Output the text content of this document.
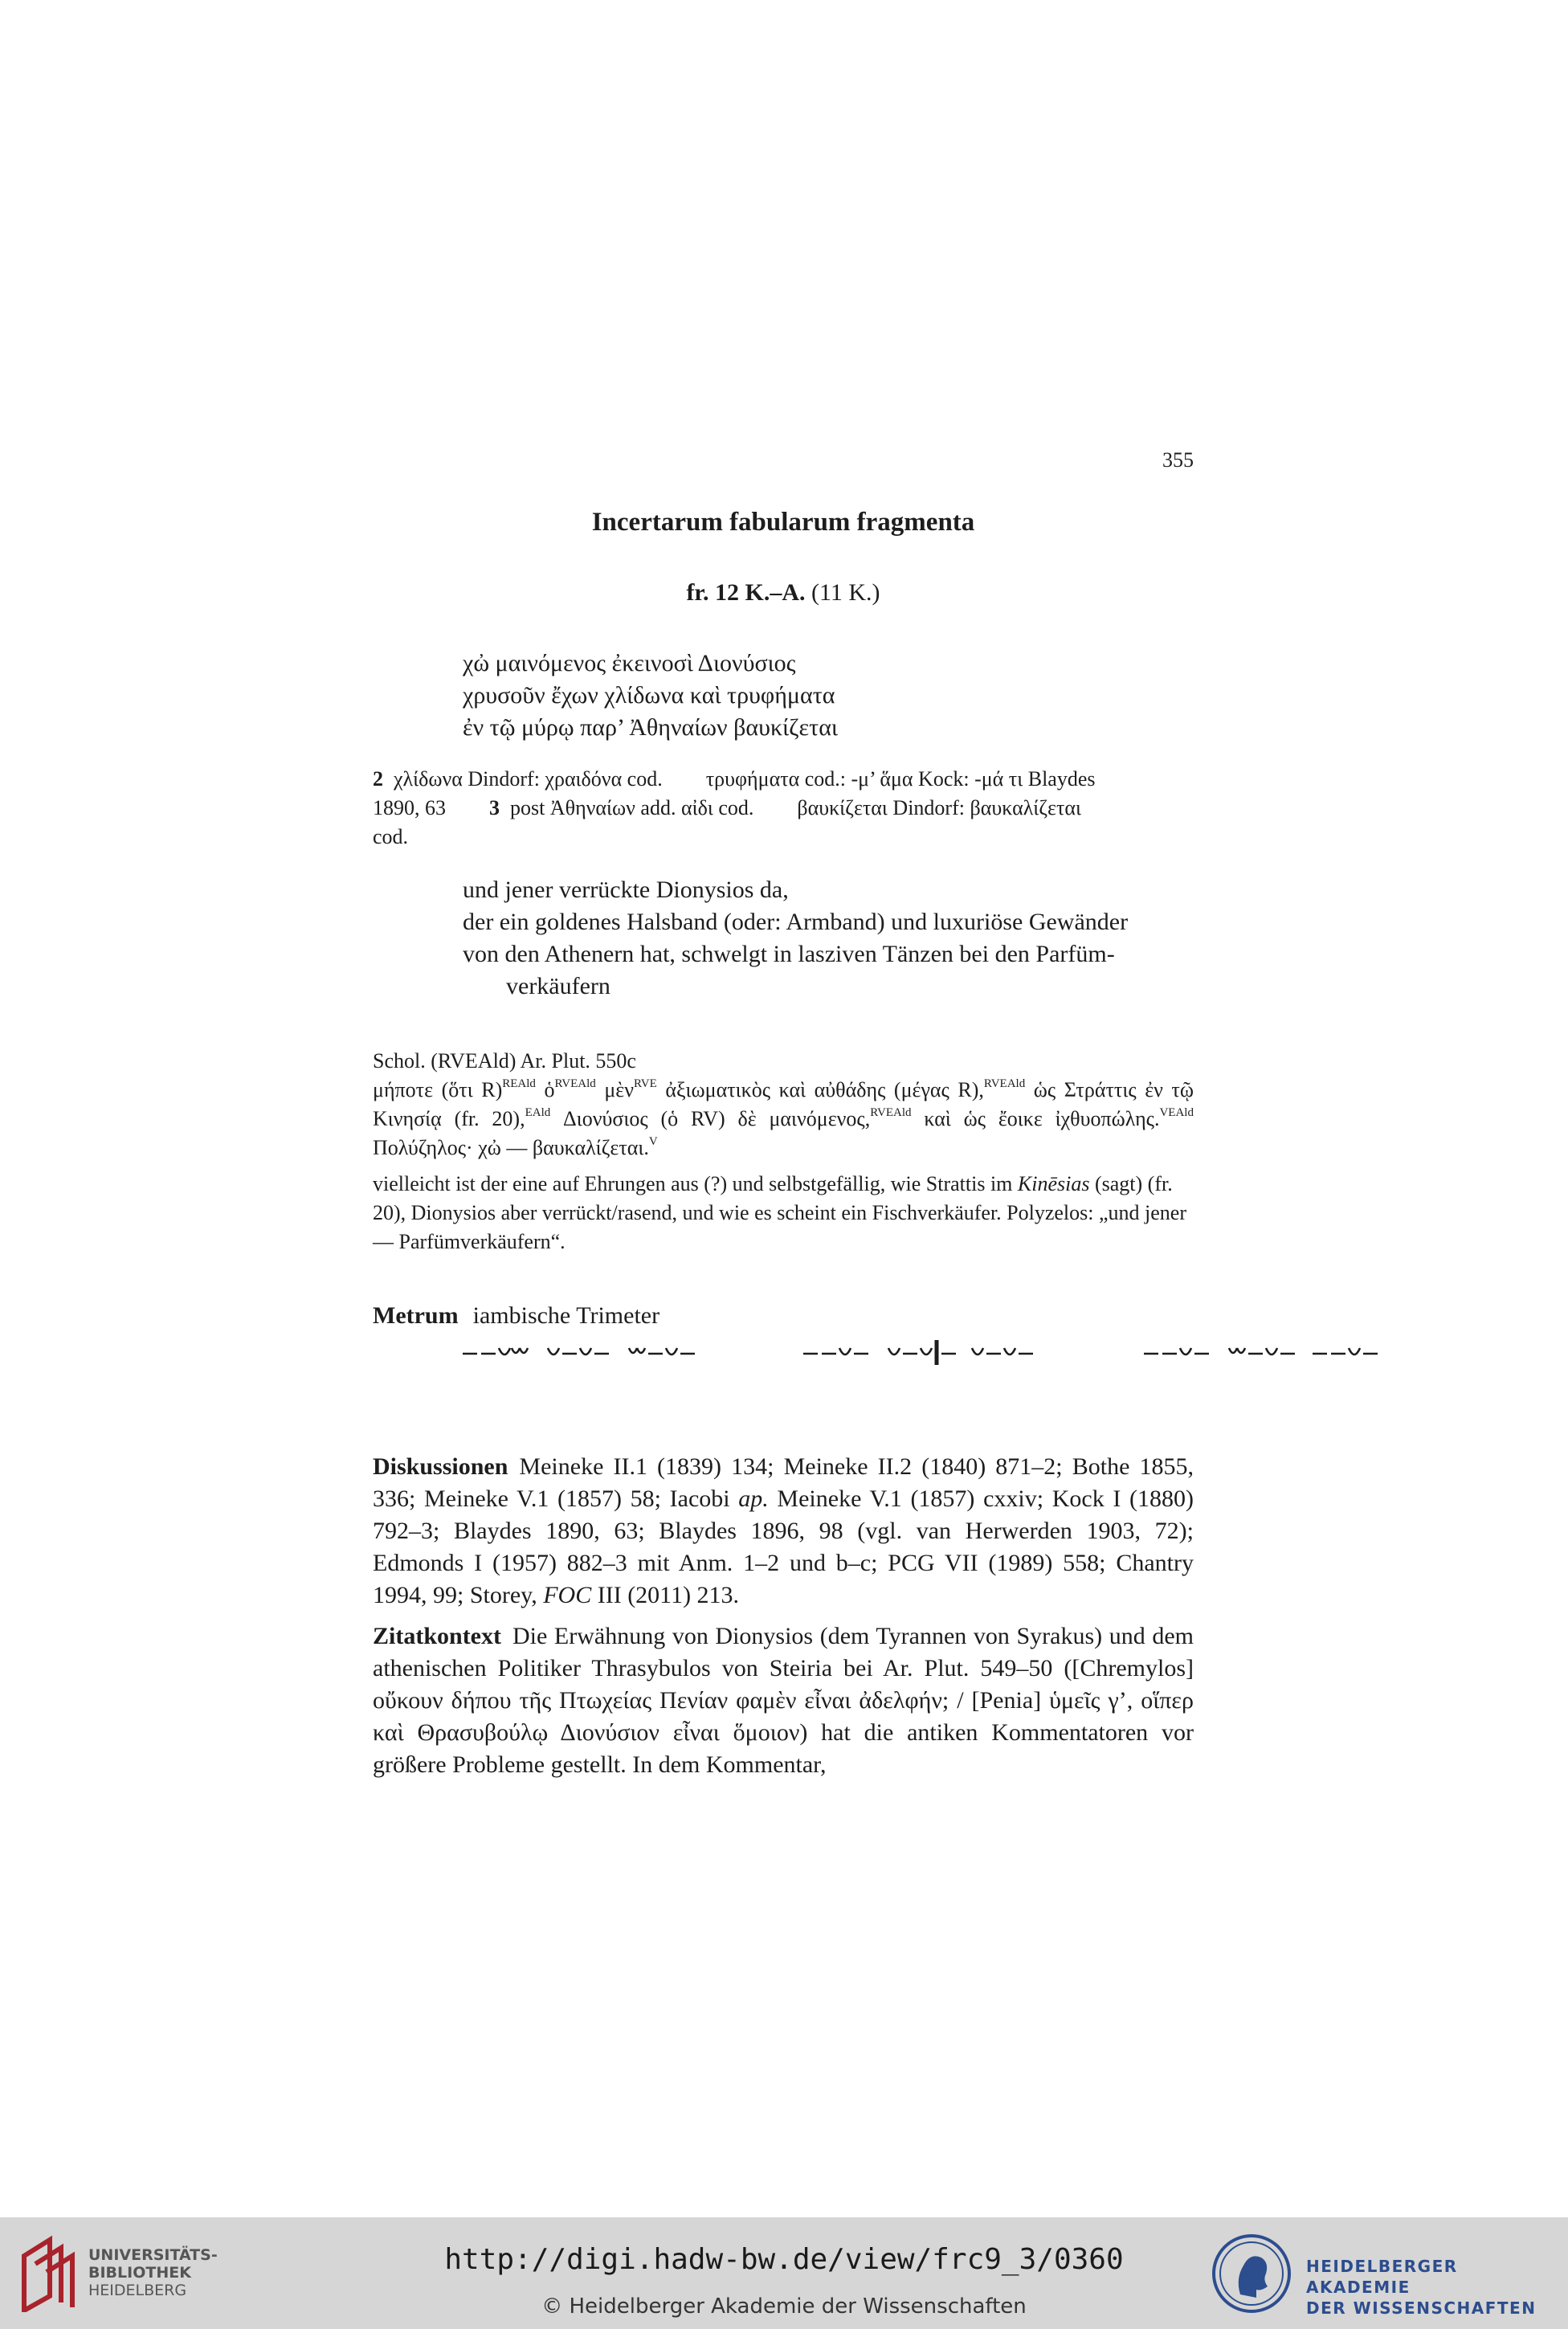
355
Incertarum fabularum fragmenta
fr. 12 K.–A. (11 K.)
χὠ μαινόμενος ἐκεινοσὶ Διονύσιος
χρυσοῦν ἔχων χλίδωνα καὶ τρυφήματα
ἐν τῷ μύρῳ παρ’ Ἀθηναίων βαυκίζεται
2 χλίδωνα Dindorf: χραιδόνα cod. τρυφήματα cod.: -μ’ ἅμα Kock: -μά τι Blaydes
1890, 63 3 post Ἀθηναίων add. αἰδι cod. βαυκίζεται Dindorf: βαυκαλίζεται
cod.
und jener verrückte Dionysios da,
der ein goldenes Halsband (oder: Armband) und luxuriöse Gewänder
von den Athenern hat, schwelgt in lasziven Tänzen bei den Parfüm-
verkäufern
Schol. (RVEAld) Ar. Plut. 550c
μήποτε (ὅτι R)$^{REAld}$ ὁ$^{RVEAld}$ μὲν$^{RVE}$ ἀξιωματικὸς καὶ αὐθάδης (μέγας R),$^{RVEAld}$ ὡς Στράττις ἐν τῷ Κινησίᾳ (fr. 20),$^{EAld}$ Διονύσιος (ὁ RV) δὲ μαινόμενος,$^{RVEAld}$ καὶ ὡς ἔοικε ἰχθυοπώλης.$^{VEAld}$ Πολύζηλος· χὠ — βαυκαλίζεται.$^V$
vielleicht ist der eine auf Ehrungen aus (?) und selbstgefällig, wie Strattis im Kinēsias (sagt) (fr. 20), Dionysios aber verrückt/rasend, und wie es scheint ein Fischverkäufer. Polyzelos: „und jener — Parfümverkäufern“.
Metrum iambische Trimeter

Diskussionen Meineke II.1 (1839) 134; Meineke II.2 (1840) 871–2; Bothe 1855, 336; Meineke V.1 (1857) 58; Iacobi ap. Meineke V.1 (1857) cxxiv; Kock I (1880) 792–3; Blaydes 1890, 63; Blaydes 1896, 98 (vgl. van Herwerden 1903, 72); Edmonds I (1957) 882–3 mit Anm. 1–2 und b–c; PCG VII (1989) 558; Chantry 1994, 99; Storey, FOC III (2011) 213.
Zitatkontext Die Erwähnung von Dionysios (dem Tyrannen von Syrakus) und dem athenischen Politiker Thrasybulos von Steiria bei Ar. Plut. 549–50 ([Chremylos] οὔκουν δήπου τῆς Πτωχείας Πενίαν φαμὲν εἶναι ἀδελφήν; / [Penia] ὑμεῖς γ’, οἵπερ καὶ Θρασυβούλῳ Διονύσιον εἶναι ὅμοιον) hat die antiken Kommentatoren vor größere Probleme gestellt. In dem Kommentar,
UNIVERSITÄTS-
BIBLIOTHEK
HEIDELBERG
http://digi.hadw-bw.de/view/frc9_3/0360
© Heidelberger Akademie der Wissenschaften
HEIDELBERGER AKADEMIE
DER WISSENSCHAFTEN
